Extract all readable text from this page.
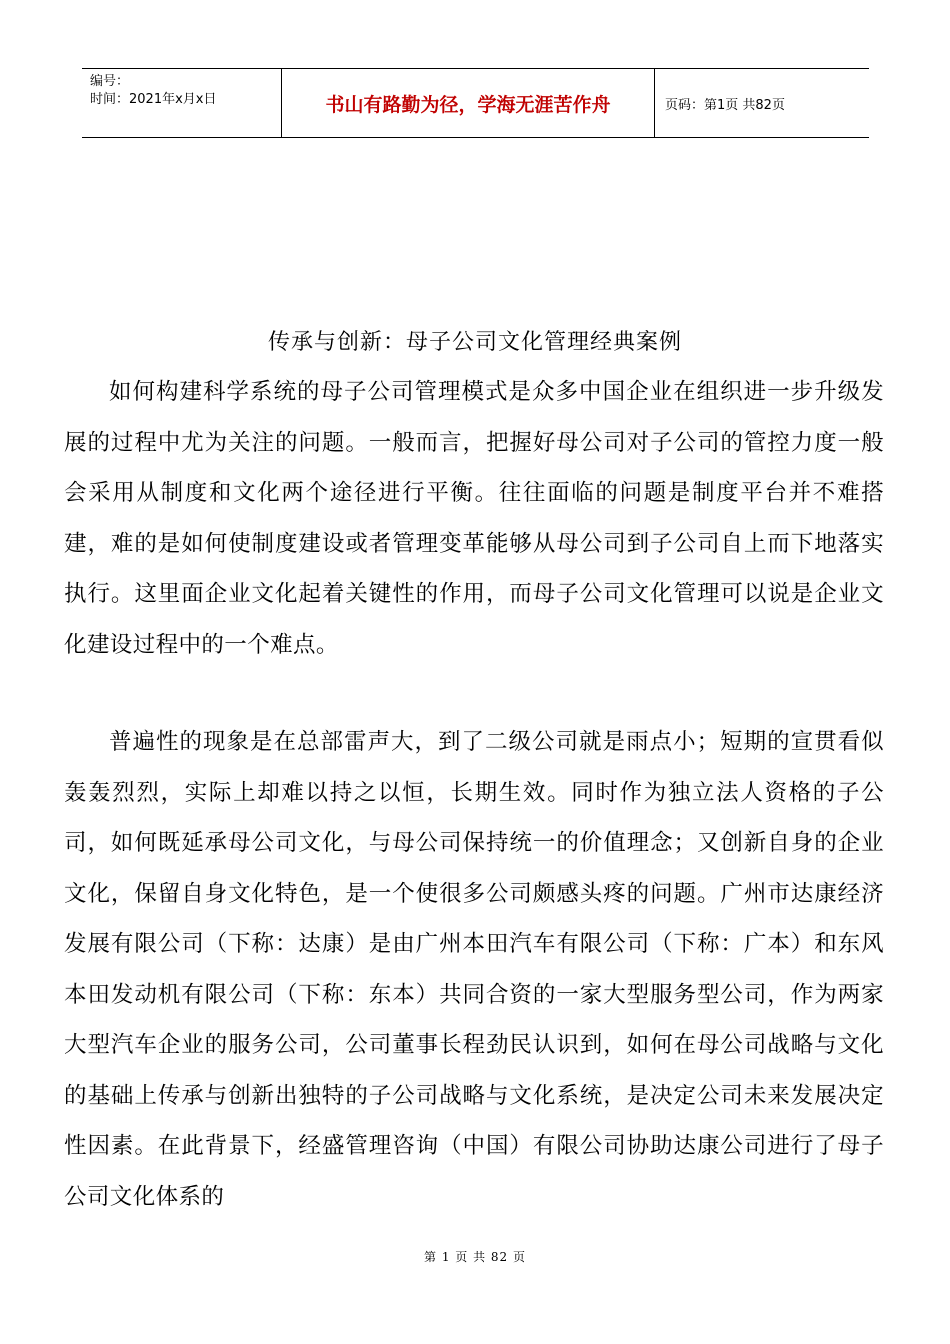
编号：
时间：2021年x月x日	书山有路勤为径，学海无涯苦作舟	页码：第1页 共82页
传承与创新：母子公司文化管理经典案例

如何构建科学系统的母子公司管理模式是众多中国企业在组织进一步升级发展的过程中尤为关注的问题。一般而言，把握好母公司对子公司的管控力度一般会采用从制度和文化两个途径进行平衡。往往面临的问题是制度平台并不难搭建，难的是如何使制度建设或者管理变革能够从母公司到子公司自上而下地落实执行。这里面企业文化起着关键性的作用，而母子公司文化管理可以说是企业文化建设过程中的一个难点。

普遍性的现象是在总部雷声大，到了二级公司就是雨点小；短期的宣贯看似轰轰烈烈，实际上却难以持之以恒，长期生效。同时作为独立法人资格的子公司，如何既延承母公司文化，与母公司保持统一的价值理念；又创新自身的企业文化，保留自身文化特色，是一个使很多公司颇感头疼的问题。广州市达康经济发展有限公司（下称：达康）是由广州本田汽车有限公司（下称：广本）和东风本田发动机有限公司（下称：东本）共同合资的一家大型服务型公司，作为两家大型汽车企业的服务公司，公司董事长程劲民认识到，如何在母公司战略与文化的基础上传承与创新出独特的子公司战略与文化系统，是决定公司未来发展决定性因素。在此背景下，经盛管理咨询（中国）有限公司协助达康公司进行了母子公司文化体系的

第 1 页 共 82 页
